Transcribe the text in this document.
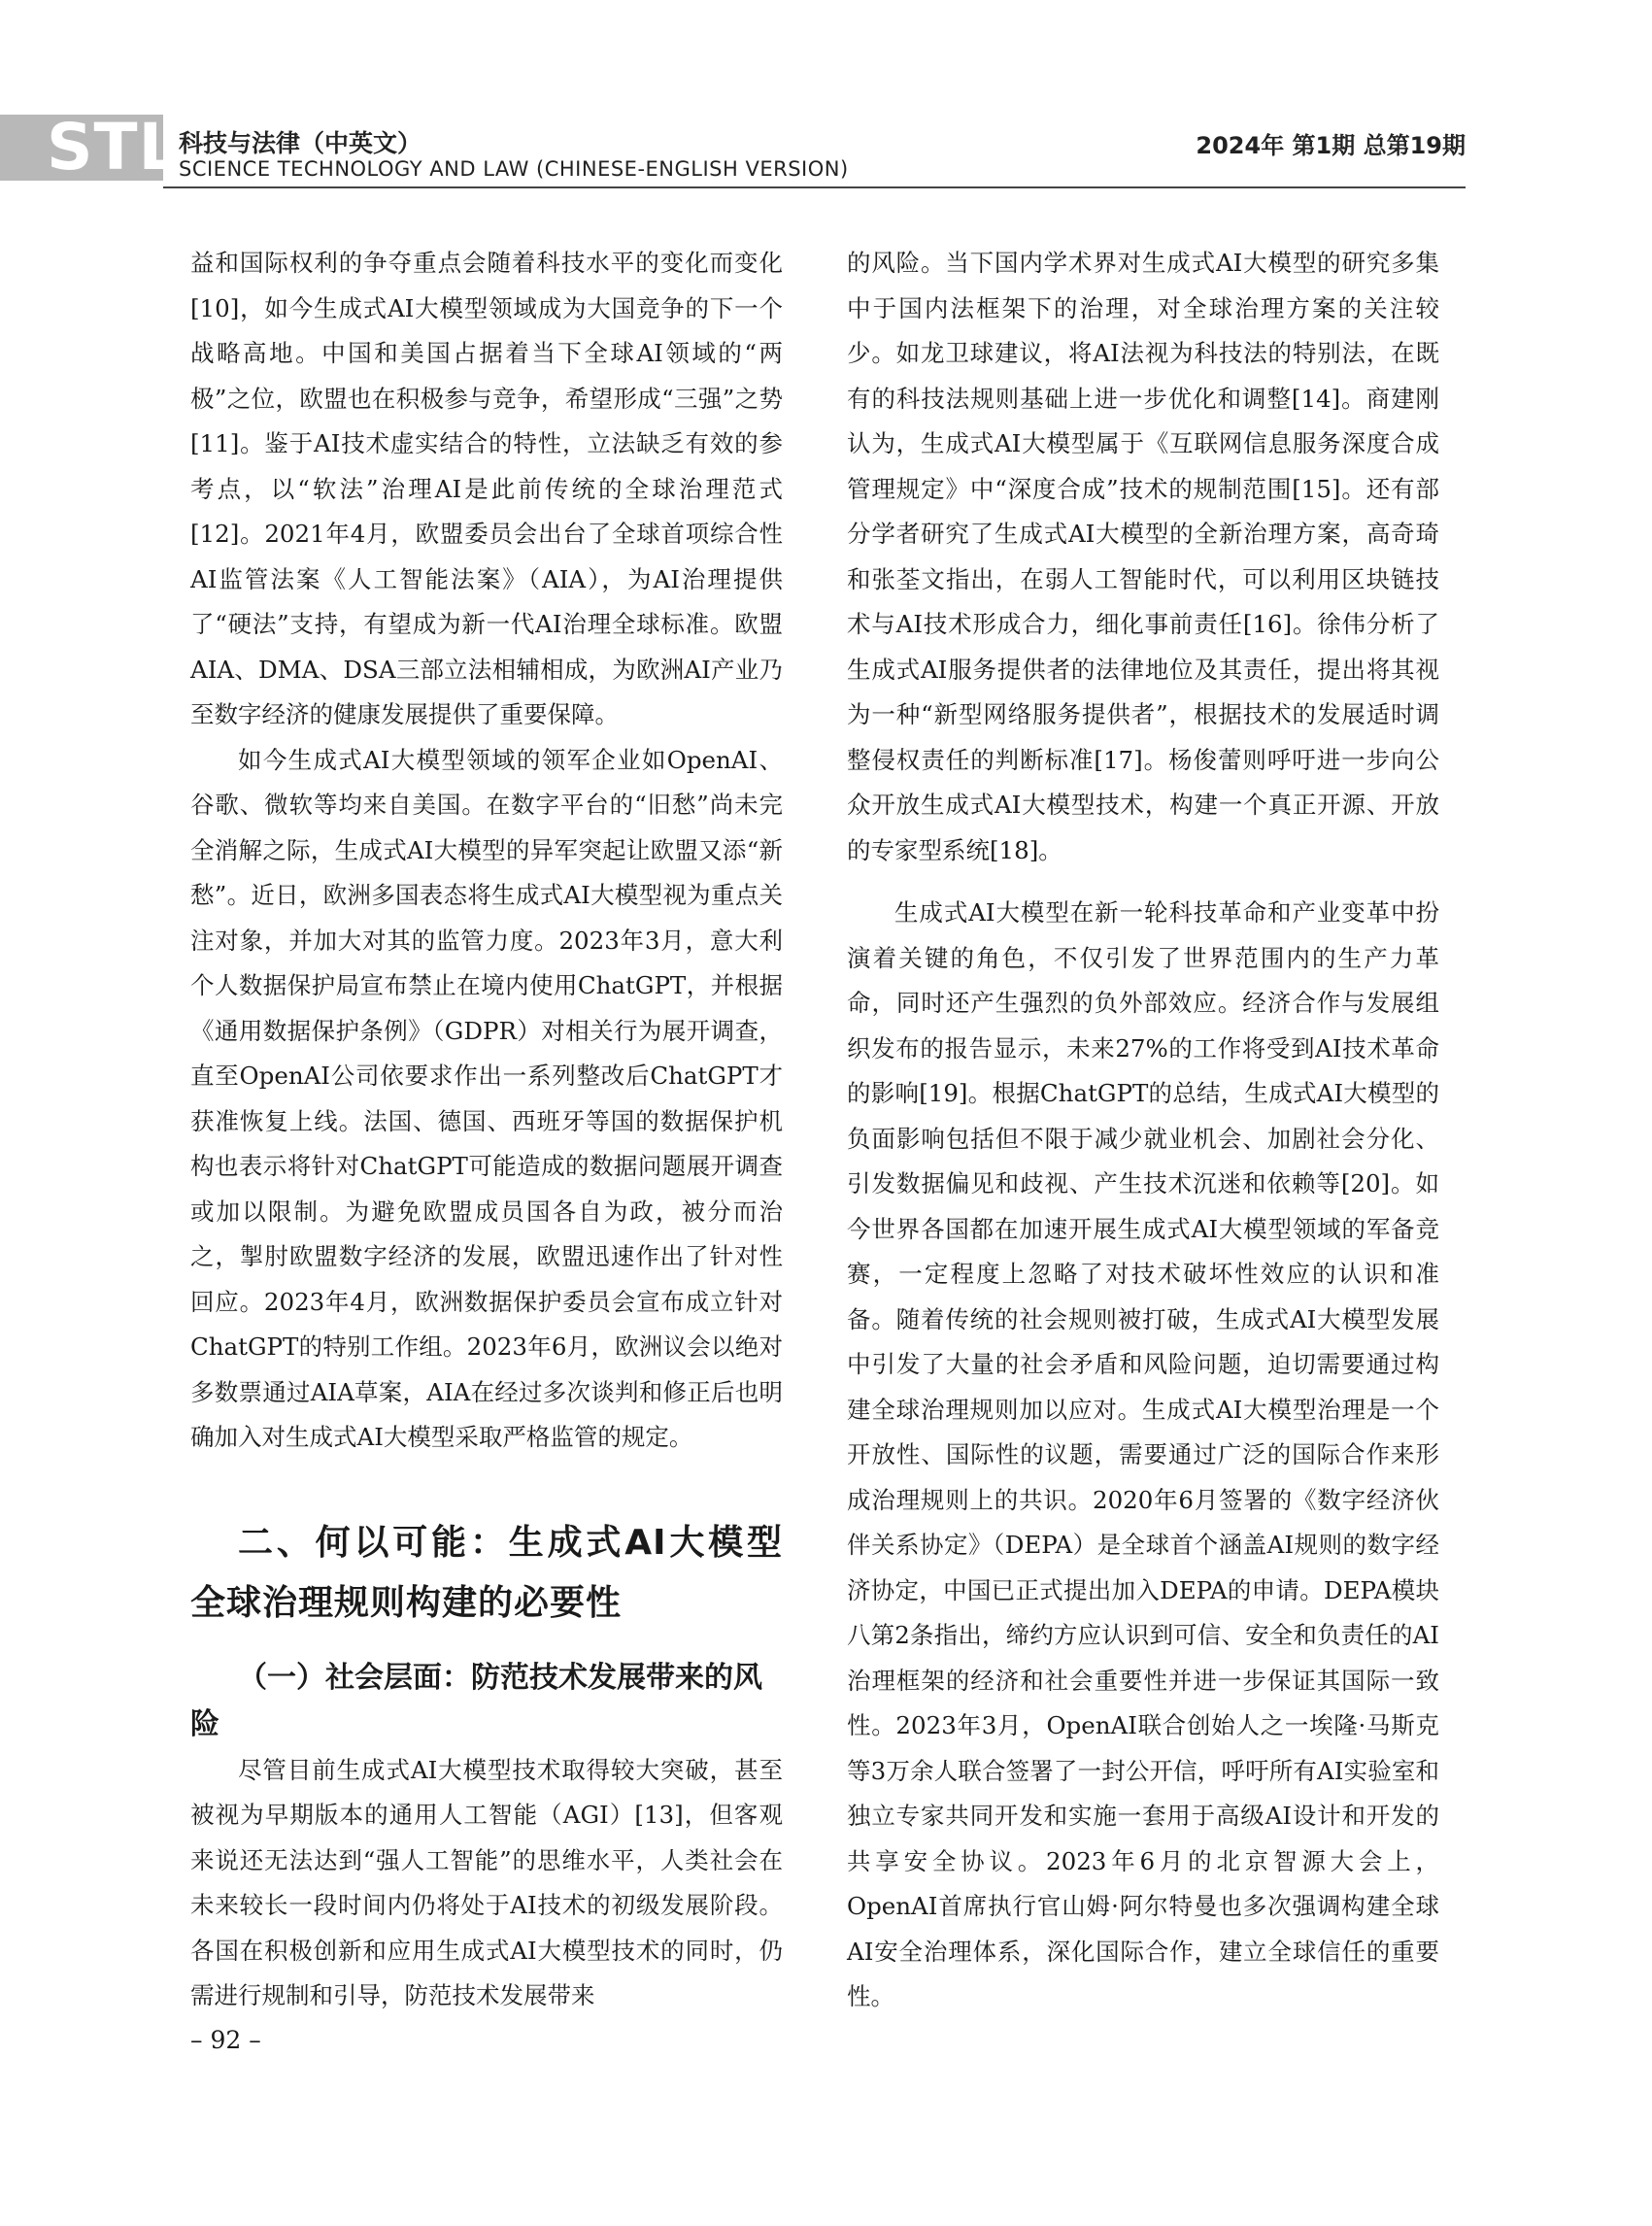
STL
科技与法律（中英文）
SCIENCE TECHNOLOGY AND LAW (CHINESE-ENGLISH VERSION)
2024年 第1期 总第19期

益和国际权利的争夺重点会随着科技水平的变化而变化[10]，如今生成式AI大模型领域成为大国竞争的下一个战略高地。中国和美国占据着当下全球AI领域的“两极”之位，欧盟也在积极参与竞争，希望形成“三强”之势[11]。鉴于AI技术虚实结合的特性，立法缺乏有效的参考点，以“软法”治理AI是此前传统的全球治理范式[12]。2021年4月，欧盟委员会出台了全球首项综合性AI监管法案《人工智能法案》（AIA），为AI治理提供了“硬法”支持，有望成为新一代AI治理全球标准。欧盟AIA、DMA、DSA三部立法相辅相成，为欧洲AI产业乃至数字经济的健康发展提供了重要保障。

如今生成式AI大模型领域的领军企业如OpenAI、谷歌、微软等均来自美国。在数字平台的“旧愁”尚未完全消解之际，生成式AI大模型的异军突起让欧盟又添“新愁”。近日，欧洲多国表态将生成式AI大模型视为重点关注对象，并加大对其的监管力度。2023年3月，意大利个人数据保护局宣布禁止在境内使用ChatGPT，并根据《通用数据保护条例》（GDPR）对相关行为展开调查，直至OpenAI公司依要求作出一系列整改后ChatGPT才获准恢复上线。法国、德国、西班牙等国的数据保护机构也表示将针对ChatGPT可能造成的数据问题展开调查或加以限制。为避免欧盟成员国各自为政，被分而治之，掣肘欧盟数字经济的发展，欧盟迅速作出了针对性回应。2023年4月，欧洲数据保护委员会宣布成立针对ChatGPT的特别工作组。2023年6月，欧洲议会以绝对多数票通过AIA草案，AIA在经过多次谈判和修正后也明确加入对生成式AI大模型采取严格监管的规定。

二、何以可能：生成式AI大模型全球治理规则构建的必要性
（一）社会层面：防范技术发展带来的风险

尽管目前生成式AI大模型技术取得较大突破，甚至被视为早期版本的通用人工智能（AGI）[13]，但客观来说还无法达到“强人工智能”的思维水平，人类社会在未来较长一段时间内仍将处于AI技术的初级发展阶段。各国在积极创新和应用生成式AI大模型技术的同时，仍需进行规制和引导，防范技术发展带来

的风险。当下国内学术界对生成式AI大模型的研究多集中于国内法框架下的治理，对全球治理方案的关注较少。如龙卫球建议，将AI法视为科技法的特别法，在既有的科技法规则基础上进一步优化和调整[14]。商建刚认为，生成式AI大模型属于《互联网信息服务深度合成管理规定》中“深度合成”技术的规制范围[15]。还有部分学者研究了生成式AI大模型的全新治理方案，高奇琦和张荃文指出，在弱人工智能时代，可以利用区块链技术与AI技术形成合力，细化事前责任[16]。徐伟分析了生成式AI服务提供者的法律地位及其责任，提出将其视为一种“新型网络服务提供者”，根据技术的发展适时调整侵权责任的判断标准[17]。杨俊蕾则呼吁进一步向公众开放生成式AI大模型技术，构建一个真正开源、开放的专家型系统[18]。

生成式AI大模型在新一轮科技革命和产业变革中扮演着关键的角色，不仅引发了世界范围内的生产力革命，同时还产生强烈的负外部效应。经济合作与发展组织发布的报告显示，未来27%的工作将受到AI技术革命的影响[19]。根据ChatGPT的总结，生成式AI大模型的负面影响包括但不限于减少就业机会、加剧社会分化、引发数据偏见和歧视、产生技术沉迷和依赖等[20]。如今世界各国都在加速开展生成式AI大模型领域的军备竞赛，一定程度上忽略了对技术破坏性效应的认识和准备。随着传统的社会规则被打破，生成式AI大模型发展中引发了大量的社会矛盾和风险问题，迫切需要通过构建全球治理规则加以应对。生成式AI大模型治理是一个开放性、国际性的议题，需要通过广泛的国际合作来形成治理规则上的共识。2020年6月签署的《数字经济伙伴关系协定》（DEPA）是全球首个涵盖AI规则的数字经济协定，中国已正式提出加入DEPA的申请。DEPA模块八第2条指出，缔约方应认识到可信、安全和负责任的AI治理框架的经济和社会重要性并进一步保证其国际一致性。2023年3月，OpenAI联合创始人之一埃隆·马斯克等3万余人联合签署了一封公开信，呼吁所有AI实验室和独立专家共同开发和实施一套用于高级AI设计和开发的共享安全协议。2023年6月的北京智源大会上，OpenAI首席执行官山姆·阿尔特曼也多次强调构建全球AI安全治理体系，深化国际合作，建立全球信任的重要性。

– 92 –
